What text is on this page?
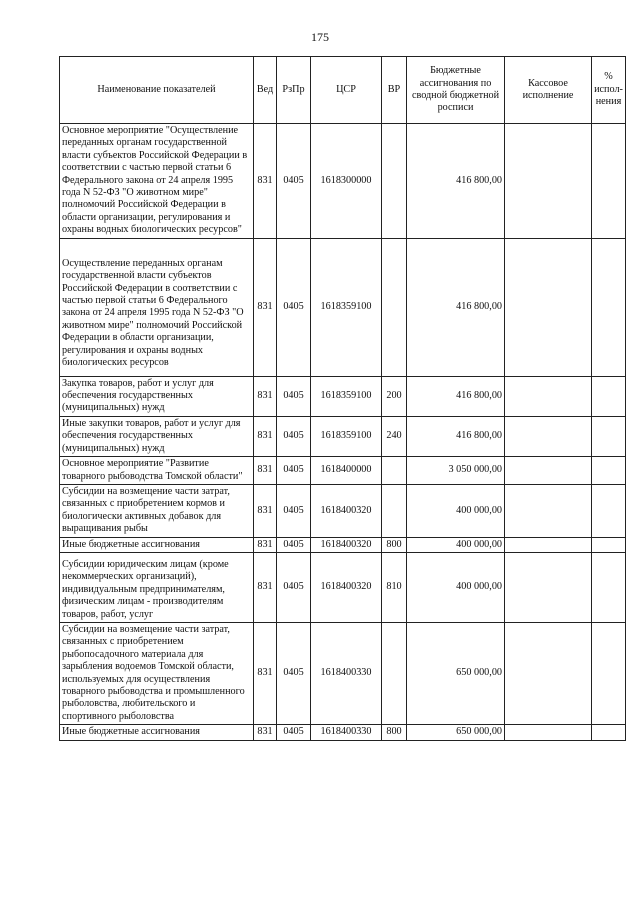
175
Наименование показателей	Вед	РзПр	ЦСР	ВР	Бюджетные ассигнования по сводной бюджетной росписи	Кассовое исполнение	% испол-нения
Основное мероприятие "Осуществление переданных органам государственной власти субъектов Российской Федерации в соответствии с частью первой статьи 6 Федерального закона от 24 апреля 1995 года N 52-ФЗ "О животном мире" полномочий Российской Федерации в области организации, регулирования и охраны водных биологических ресурсов"	831	0405	1618300000		416 800,00		
Осуществление переданных органам государственной власти субъектов Российской Федерации в соответствии с частью первой статьи 6 Федерального закона от 24 апреля 1995 года N 52-ФЗ "О животном мире" полномочий Российской Федерации в области организации, регулирования и охраны водных биологических ресурсов	831	0405	1618359100		416 800,00		
Закупка товаров, работ и услуг для обеспечения государственных (муниципальных) нужд	831	0405	1618359100	200	416 800,00		
Иные закупки товаров, работ и услуг для обеспечения государственных (муниципальных) нужд	831	0405	1618359100	240	416 800,00		
Основное мероприятие "Развитие товарного рыбоводства Томской области"	831	0405	1618400000		3 050 000,00		
Субсидии на возмещение части затрат, связанных с приобретением кормов и биологически активных добавок для выращивания рыбы	831	0405	1618400320		400 000,00		
Иные бюджетные ассигнования	831	0405	1618400320	800	400 000,00		
Субсидии юридическим лицам (кроме некоммерческих организаций), индивидуальным предпринимателям, физическим лицам - производителям товаров, работ, услуг	831	0405	1618400320	810	400 000,00		
Субсидии на возмещение части затрат, связанных с приобретением рыбопосадочного материала для зарыбления водоемов Томской области, используемых для осуществления товарного рыбоводства и промышленного рыболовства, любительского и спортивного рыболовства	831	0405	1618400330		650 000,00		
Иные бюджетные ассигнования	831	0405	1618400330	800	650 000,00		
